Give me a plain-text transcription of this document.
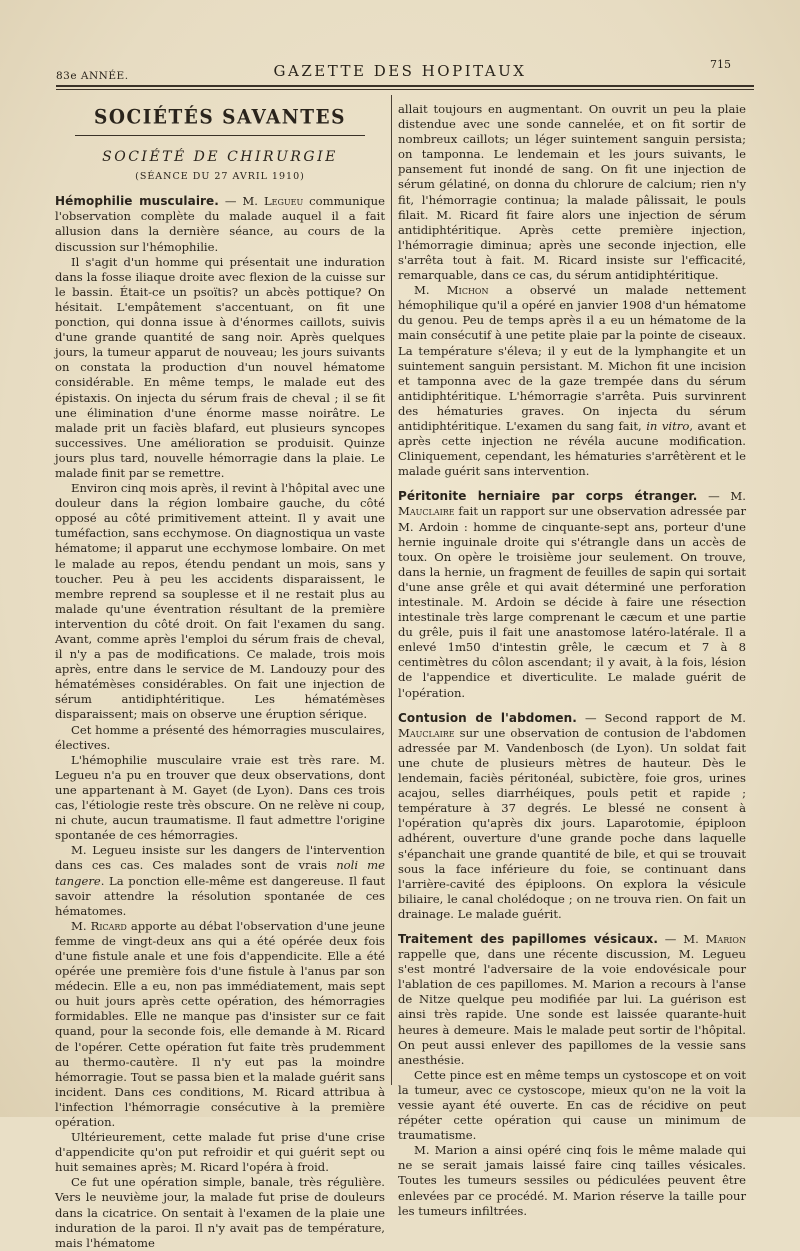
83e ANNÉE.	GAZETTE DES HOPITAUX	715
SOCIÉTÉS SAVANTES
SOCIÉTÉ DE CHIRURGIE
(SÉANCE DU 27 AVRIL 1910)

Hémophilie musculaire. — M. Legueu communique l'observation complète du malade auquel il a fait allusion dans la dernière séance, au cours de la discussion sur l'hémophilie.

Il s'agit d'un homme qui présentait une induration dans la fosse iliaque droite avec flexion de la cuisse sur le bassin. Était-ce un psoïtis? un abcès pottique? On hésitait. L'empâtement s'accentuant, on fit une ponction, qui donna issue à d'énormes caillots, suivis d'une grande quantité de sang noir. Après quelques jours, la tumeur apparut de nouveau; les jours suivants on constata la production d'un nouvel hématome considérable. En même temps, le malade eut des épistaxis. On injecta du sérum frais de cheval ; il se fit une élimination d'une énorme masse noirâtre. Le malade prit un faciès blafard, eut plusieurs syncopes successives. Une amélioration se produisit. Quinze jours plus tard, nouvelle hémorragie dans la plaie. Le malade finit par se remettre.

Environ cinq mois après, il revint à l'hôpital avec une douleur dans la région lombaire gauche, du côté opposé au côté primitivement atteint. Il y avait une tuméfaction, sans ecchymose. On diagnostiqua un vaste hématome; il apparut une ecchymose lombaire. On met le malade au repos, étendu pendant un mois, sans y toucher. Peu à peu les accidents disparaissent, le membre reprend sa souplesse et il ne restait plus au malade qu'une éventration résultant de la première intervention du côté droit. On fait l'examen du sang. Avant, comme après l'emploi du sérum frais de cheval, il n'y a pas de modifications. Ce malade, trois mois après, entre dans le service de M. Landouzy pour des hématémèses considérables. On fait une injection de sérum antidiphtéritique. Les hématémèses disparaissent; mais on observe une éruption sérique.

Cet homme a présenté des hémorragies musculaires, électives.

L'hémophilie musculaire vraie est très rare. M. Legueu n'a pu en trouver que deux observations, dont une appartenant à M. Gayet (de Lyon). Dans ces trois cas, l'étiologie reste très obscure. On ne relève ni coup, ni chute, aucun traumatisme. Il faut admettre l'origine spontanée de ces hémorragies.

M. Legueu insiste sur les dangers de l'intervention dans ces cas. Ces malades sont de vrais noli me tangere. La ponction elle-même est dangereuse. Il faut savoir attendre la résolution spontanée de ces hématomes.

M. Ricard apporte au débat l'observation d'une jeune femme de vingt-deux ans qui a été opérée deux fois d'une fistule anale et une fois d'appendicite. Elle a été opérée une première fois d'une fistule à l'anus par son médecin. Elle a eu, non pas immédiatement, mais sept ou huit jours après cette opération, des hémorragies formidables. Elle ne manque pas d'insister sur ce fait quand, pour la seconde fois, elle demande à M. Ricard de l'opérer. Cette opération fut faite très prudemment au thermo-cautère. Il n'y eut pas la moindre hémorragie. Tout se passa bien et la malade guérit sans incident. Dans ces conditions, M. Ricard attribua à l'infection l'hémorragie consécutive à la première opération.

Ultérieurement, cette malade fut prise d'une crise d'appendicite qu'on put refroidir et qui guérit sept ou huit semaines après; M. Ricard l'opéra à froid.

Ce fut une opération simple, banale, très régulière. Vers le neuvième jour, la malade fut prise de douleurs dans la cicatrice. On sentait à l'examen de la plaie une induration de la paroi. Il n'y avait pas de température, mais l'hématome

allait toujours en augmentant. On ouvrit un peu la plaie distendue avec une sonde cannelée, et on fit sortir de nombreux caillots; un léger suintement sanguin persista; on tamponna. Le lendemain et les jours suivants, le pansement fut inondé de sang. On fit une injection de sérum gélatiné, on donna du chlorure de calcium; rien n'y fit, l'hémorragie continua; la malade pâlissait, le pouls filait. M. Ricard fit faire alors une injection de sérum antidiphtéritique. Après cette première injection, l'hémorragie diminua; après une seconde injection, elle s'arrêta tout à fait. M. Ricard insiste sur l'efficacité, remarquable, dans ce cas, du sérum antidiphtéritique.

M. Michon a observé un malade nettement hémophilique qu'il a opéré en janvier 1908 d'un hématome du genou. Peu de temps après il a eu un hématome de la main consécutif à une petite plaie par la pointe de ciseaux. La température s'éleva; il y eut de la lymphangite et un suintement sanguin persistant. M. Michon fit une incision et tamponna avec de la gaze trempée dans du sérum antidiphtéritique. L'hémorragie s'arrêta. Puis survinrent des hématuries graves. On injecta du sérum antidiphtéritique. L'examen du sang fait, in vitro, avant et après cette injection ne révéla aucune modification. Cliniquement, cependant, les hématuries s'arrêtèrent et le malade guérit sans intervention.

Péritonite herniaire par corps étranger. — M. Mauclaire fait un rapport sur une observation adressée par M. Ardoin : homme de cinquante-sept ans, porteur d'une hernie inguinale droite qui s'étrangle dans un accès de toux. On opère le troisième jour seulement. On trouve, dans la hernie, un fragment de feuilles de sapin qui sortait d'une anse grêle et qui avait déterminé une perforation intestinale. M. Ardoin se décide à faire une résection intestinale très large comprenant le cæcum et une partie du grêle, puis il fait une anastomose latéro-latérale. Il a enlevé 1m50 d'intestin grêle, le cæcum et 7 à 8 centimètres du côlon ascendant; il y avait, à la fois, lésion de l'appendice et diverticulite. Le malade guérit de l'opération.

Contusion de l'abdomen. — Second rapport de M. Mauclaire sur une observation de contusion de l'abdomen adressée par M. Vandenbosch (de Lyon). Un soldat fait une chute de plusieurs mètres de hauteur. Dès le lendemain, faciès péritonéal, subictère, foie gros, urines acajou, selles diarrhéiques, pouls petit et rapide ; température à 37 degrés. Le blessé ne consent à l'opération qu'après dix jours. Laparotomie, épiploon adhérent, ouverture d'une grande poche dans laquelle s'épanchait une grande quantité de bile, et qui se trouvait sous la face inférieure du foie, se continuant dans l'arrière-cavité des épiploons. On explora la vésicule biliaire, le canal cholédoque ; on ne trouva rien. On fait un drainage. Le malade guérit.

Traitement des papillomes vésicaux. — M. Marion rappelle que, dans une récente discussion, M. Legueu s'est montré l'adversaire de la voie endovésicale pour l'ablation de ces papillomes. M. Marion a recours à l'anse de Nitze quelque peu modifiée par lui. La guérison est ainsi très rapide. Une sonde est laissée quarante-huit heures à demeure. Mais le malade peut sortir de l'hôpital. On peut aussi enlever des papillomes de la vessie sans anesthésie.

Cette pince est en même temps un cystoscope et on voit la tumeur, avec ce cystoscope, mieux qu'on ne la voit la vessie ayant été ouverte. En cas de récidive on peut répéter cette opération qui cause un minimum de traumatisme.

M. Marion a ainsi opéré cinq fois le même malade qui ne se serait jamais laissé faire cinq tailles vésicales. Toutes les tumeurs sessiles ou pédiculées peuvent être enlevées par ce procédé. M. Marion réserve la taille pour les tumeurs infiltrées.
